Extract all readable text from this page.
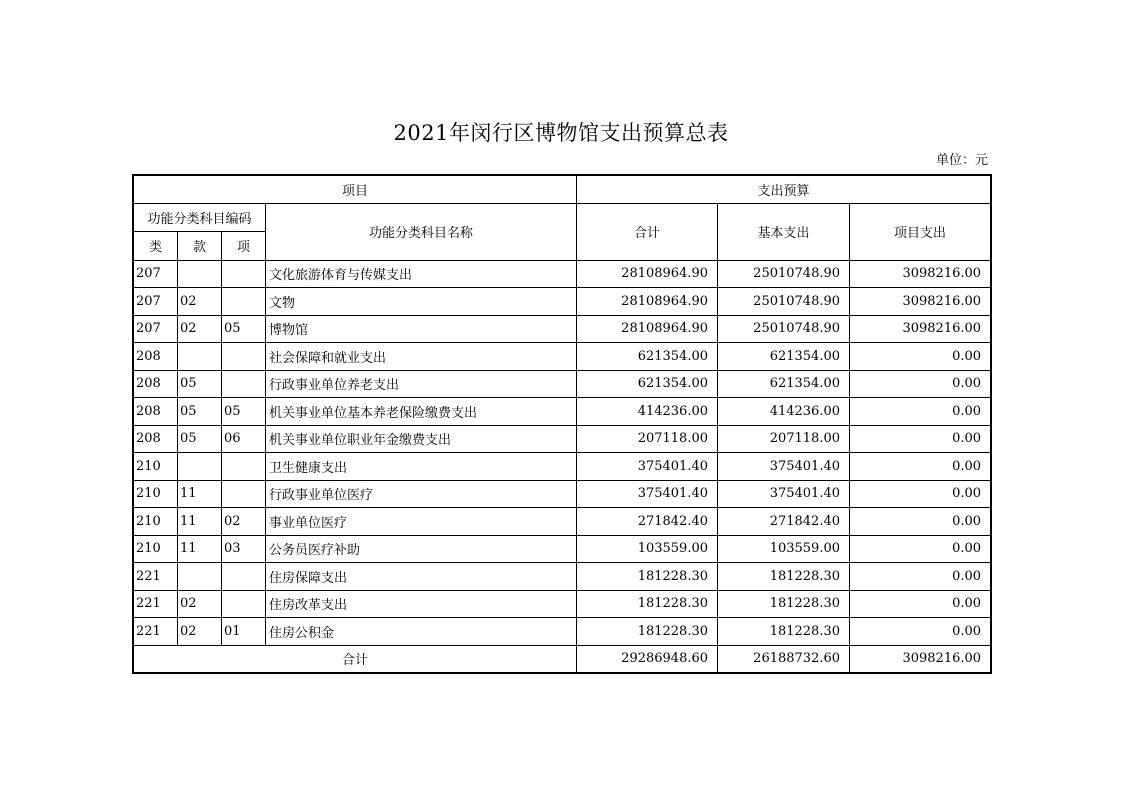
2021年闵行区博物馆支出预算总表
单位：元
项目				支出预算		
功能分类科目编码			功能分类科目名称	合计	基本支出	项目支出
类	款	项				
207			文化旅游体育与传媒支出	28108964.90	25010748.90	3098216.00
207	02		文物	28108964.90	25010748.90	3098216.00
207	02	05	博物馆	28108964.90	25010748.90	3098216.00
208			社会保障和就业支出	621354.00	621354.00	0.00
208	05		行政事业单位养老支出	621354.00	621354.00	0.00
208	05	05	机关事业单位基本养老保险缴费支出	414236.00	414236.00	0.00
208	05	06	机关事业单位职业年金缴费支出	207118.00	207118.00	0.00
210			卫生健康支出	375401.40	375401.40	0.00
210	11		行政事业单位医疗	375401.40	375401.40	0.00
210	11	02	事业单位医疗	271842.40	271842.40	0.00
210	11	03	公务员医疗补助	103559.00	103559.00	0.00
221			住房保障支出	181228.30	181228.30	0.00
221	02		住房改革支出	181228.30	181228.30	0.00
221	02	01	住房公积金	181228.30	181228.30	0.00
合计				29286948.60	26188732.60	3098216.00
